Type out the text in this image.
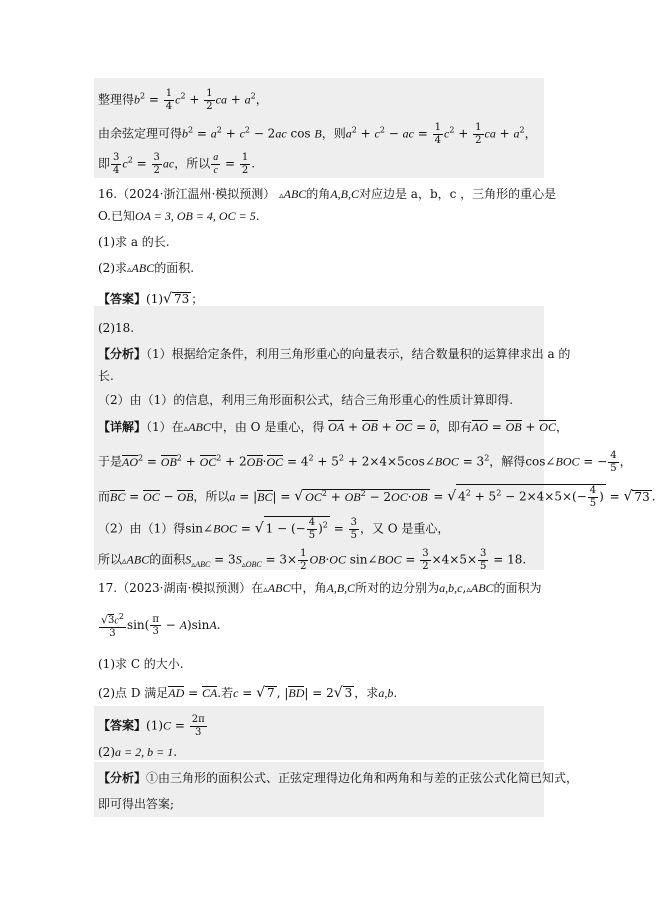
整理得$b^2 = \frac{1}{4} c^2 + \frac{1}{2}$ ca + $a^2$，
由余弦定理可得$b^2 = a^2 + c^2 - 2ac$ cos B，则$a^2 + c^2$ − ac = $\frac{1}{4} c^2 + \frac{1}{2}$ ca + $a^2$，
即 $\frac{3}{4} c^2 = \frac{3}{2}$ ac，所以 $\frac{a}{c} = \frac{1}{2}$ .
16.（2024·浙江温州·模拟预测） ▵ABC的角A,B,C对应边是 a，b，c ，三角形的重心是
O.已知OA = 3, OB = 4, OC = 5.
(1)求 a 的长.
(2)求▵ABC的面积.
【答案】(1)√ 73 ；
(2)18.
【分析】（1）根据给定条件，利用三角形重心的向量表示，结合数量积的运算律求出 a 的
长.
（2）由（1）的信息，利用三角形面积公式，结合三角形重心的性质计算即得.
【详解】（1）在▵ABC中，由 O 是重心，得 OA + OB + OC = 0，即有AO = OB + OC，
于是$AO^2 = OB^2 + OC^2 + 2OB\cdot OC = 4^2 + 5^2$ + 2×4×5cos∠BOC = $3^2$，解得cos∠BOC = − $\frac{4}{5}$ ，
而BC = OC − OB，所以a = |BC| = √ $OC^2 + OB^2 - 2OC\cdot OB$ = √ $4^2 + 5^2 - 2\times 4\times 5\times(- \frac{4}{5}$ ) = √ 73 .
（2）由（1）得sin∠BOC = √ 1 − (− $\frac{4}{5} )^2 = \frac{3}{5}$ ，又 O 是重心，
所以▵ABC的面积$S_{▵ABC} = 3S_{▵OBC} = 3\times \frac{1}{2} OB\cdot OC$ sin∠BOC = $\frac{3}{2} \times 4\times 5\times \frac{3}{5} = 18$.
17.（2023·湖南·模拟预测）在▵ABC中，角A,B,C所对的边分别为a,b,c,▵ABC的面积为
$\frac{√3c^2}{3} \sin( \frac{\pi}{3} - A)\sin A$.
(1)求 C 的大小.
(2)点 D 满足AD = CA.若c = √ 7 , |BD| = 2√ 3 ，求a,b.
【答案】$(1)C = \frac{2\pi}{3}$
(2)a = 2, b = 1.
【分析】①由三角形的面积公式、正弦定理得边化角和两角和与差的正弦公式化简已知式，
即可得出答案;
